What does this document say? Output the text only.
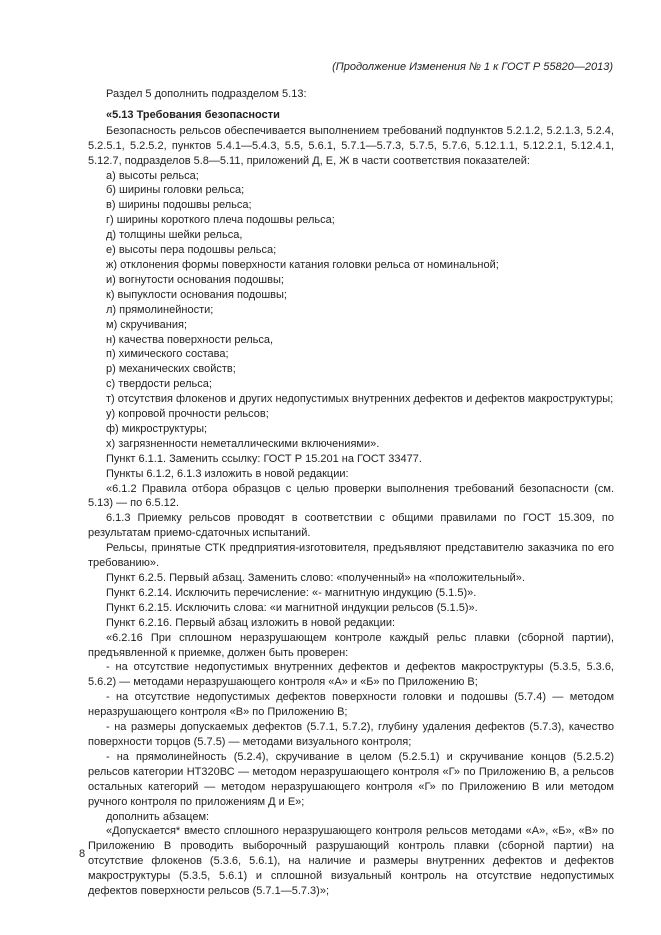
(Продолжение Изменения № 1 к ГОСТ Р 55820—2013)

Раздел 5 дополнить подразделом 5.13:

«5.13 Требования безопасности

Безопасность рельсов обеспечивается выполнением требований подпунктов 5.2.1.2, 5.2.1.3, 5.2.4, 5.2.5.1, 5.2.5.2, пунктов 5.4.1—5.4.3, 5.5, 5.6.1, 5.7.1—5.7.3, 5.7.5, 5.7.6, 5.12.1.1, 5.12.2.1, 5.12.4.1, 5.12.7, подразделов 5.8—5.11, приложений Д, Е, Ж в части соответствия показателей:

а) высоты рельса;

б) ширины головки рельса;

в) ширины подошвы рельса;

г) ширины короткого плеча подошвы рельса;

д) толщины шейки рельса,

е) высоты пера подошвы рельса;

ж) отклонения формы поверхности катания головки рельса от номинальной;

и) вогнутости основания подошвы;

к) выпуклости основания подошвы;

л) прямолинейности;

м) скручивания;

н) качества поверхности рельса,

п) химического состава;

р) механических свойств;

с) твердости рельса;

т) отсутствия флокенов и других недопустимых внутренних дефектов и дефектов макроструктуры;

у) копровой прочности рельсов;

ф) микроструктуры;

х) загрязненности неметаллическими включениями».

Пункт 6.1.1. Заменить ссылку: ГОСТ Р 15.201 на ГОСТ 33477.

Пункты 6.1.2, 6.1.3 изложить в новой редакции:

«6.1.2 Правила отбора образцов с целью проверки выполнения требований безопасности (см. 5.13) — по 6.5.12.

6.1.3 Приемку рельсов проводят в соответствии с общими правилами по ГОСТ 15.309, по результатам приемо-сдаточных испытаний.

Рельсы, принятые СТК предприятия-изготовителя, предъявляют представителю заказчика по его требованию».

Пункт 6.2.5. Первый абзац. Заменить слово: «полученный» на «положительный».

Пункт 6.2.14. Исключить перечисление: «- магнитную индукцию (5.1.5)».

Пункт 6.2.15. Исключить слова: «и магнитной индукции рельсов (5.1.5)».

Пункт 6.2.16. Первый абзац изложить в новой редакции:

«6.2.16 При сплошном неразрушающем контроле каждый рельс плавки (сборной партии), предъявленной к приемке, должен быть проверен:

- на отсутствие недопустимых внутренних дефектов и дефектов макроструктуры (5.3.5, 5.3.6, 5.6.2) — методами неразрушающего контроля «А» и «Б» по Приложению В;

- на отсутствие недопустимых дефектов поверхности головки и подошвы (5.7.4) — методом неразрушающего контроля «В» по Приложению В;

- на размеры допускаемых дефектов (5.7.1, 5.7.2), глубину удаления дефектов (5.7.3), качество поверхности торцов (5.7.5) — методами визуального контроля;

- на прямолинейность (5.2.4), скручивание в целом (5.2.5.1) и скручивание концов (5.2.5.2) рельсов категории НТ320ВС — методом неразрушающего контроля «Г» по Приложению В, а рельсов остальных категорий — методом неразрушающего контроля «Г» по Приложению В или методом ручного контроля по приложениям Д и Е»;

дополнить абзацем:

«Допускается* вместо сплошного неразрушающего контроля рельсов методами «А», «Б», «В» по Приложению В проводить выборочный разрушающий контроль плавки (сборной партии) на отсутствие флокенов (5.3.6, 5.6.1), на наличие и размеры внутренних дефектов и дефектов макроструктуры (5.3.5, 5.6.1) и сплошной визуальный контроль на отсутствие недопустимых дефектов поверхности рельсов (5.7.1—5.7.3)»;

8
